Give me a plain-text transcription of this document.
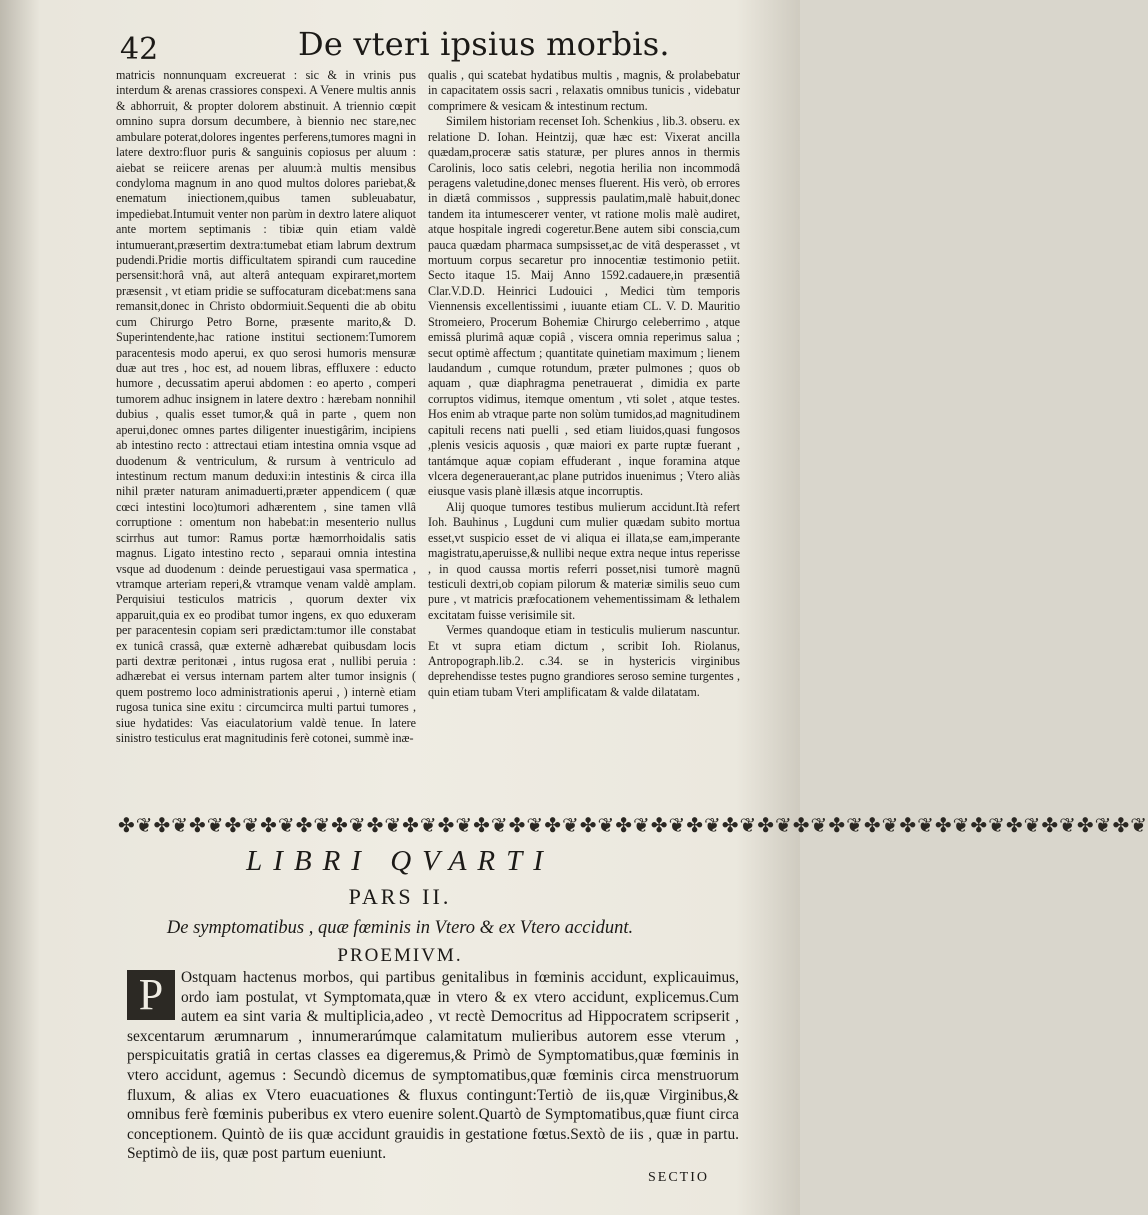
42	De vteri ipsius morbis.

matricis nonnunquam excreuerat : sic & in vrinis pus interdum & arenas crassiores conspexi. A Venere multis annis & abhorruit, & propter dolorem abstinuit. A triennio cœpit omnino supra dorsum decumbere, à biennio nec stare,nec ambulare poterat,dolores ingentes perferens,tumores magni in latere dextro:fluor puris & sanguinis copiosus per aluum : aiebat se reiicere arenas per aluum:à multis mensibus condyloma magnum in ano quod multos dolores pariebat,& enematum iniectionem,quibus tamen subleuabatur, impediebat.Intumuit venter non parùm in dextro latere aliquot ante mortem septimanis : tibiæ quin etiam valdè intumuerant,præsertim dextra:tumebat etiam labrum dextrum pudendi.Pridie mortis difficultatem spirandi cum raucedine persensit:horâ vnâ, aut alterâ antequam expiraret,mortem præsensit , vt etiam pridie se suffocaturam dicebat:mens sana remansit,donec in Christo obdormiuit.Sequenti die ab obitu cum Chirurgo Petro Borne, præsente marito,& D. Superintendente,hac ratione institui sectionem:Tumorem paracentesis modo aperui, ex quo serosi humoris mensuræ duæ aut tres , hoc est, ad nouem libras, effluxere : educto humore , decussatim aperui abdomen : eo aperto , comperi tumorem adhuc insignem in latere dextro : hærebam nonnihil dubius , qualis esset tumor,& quâ in parte , quem non aperui,donec omnes partes diligenter inuestigârim, incipiens ab intestino recto : attrectaui etiam intestina omnia vsque ad duodenum & ventriculum, & rursum à ventriculo ad intestinum rectum manum deduxi:in intestinis & circa illa nihil præter naturam animaduerti,præter appendicem ( quæ cœci intestini loco)tumori adhærentem , sine tamen vllâ corruptione : omentum non habebat:in mesenterio nullus scirrhus aut tumor: Ramus portæ hæmorrhoidalis satis magnus. Ligato intestino recto , separaui omnia intestina vsque ad duodenum : deinde peruestigaui vasa spermatica , vtramque arteriam reperi,& vtramque venam valdè amplam. Perquisiui testiculos matricis , quorum dexter vix apparuit,quia ex eo prodibat tumor ingens, ex quo eduxeram per paracentesin copiam seri prædictam:tumor ille constabat ex tunicâ crassâ, quæ externè adhærebat quibusdam locis parti dextræ peritonæi , intus rugosa erat , nullibi peruia : adhærebat ei versus internam partem alter tumor insignis ( quem postremo loco administrationis aperui , ) internè etiam rugosa tunica sine exitu : circumcirca multi partui tumores , siue hydatides: Vas eiaculatorium valdè tenue. In latere sinistro testiculus erat magnitudinis ferè cotonei, summè inæ-

qualis , qui scatebat hydatibus multis , magnis, & prolabebatur in capacitatem ossis sacri , relaxatis omnibus tunicis , videbatur comprimere & vesicam & intestinum rectum.

Similem historiam recenset Ioh. Schenkius , lib.3. obseru. ex relatione D. Iohan. Heintzij, quæ hæc est: Vixerat ancilla quædam,proceræ satis staturæ, per plures annos in thermis Carolinis, loco satis celebri, negotia herilia non incommodâ peragens valetudine,donec menses fluerent. His verò, ob errores in diætâ commissos , suppressis paulatim,malè habuit,donec tandem ita intumescerет venter, vt ratione molis malè audiret, atque hospitale ingredi cogeretur.Bene autem sibi conscia,cum pauca quædam pharmaca sumpsisset,ac de vitâ desperasset , vt mortuum corpus secaretur pro innocentiæ testimonio petiit. Secto itaque 15. Maij Anno 1592.cadauere,in præsentiâ Clar.V.D.D. Heinrici Ludouici , Medici tùm temporis Viennensis excellentissimi , iuuante etiam CL. V. D. Mauritio Stromeiero, Procerum Bohemiæ Chirurgo celeberrimo , atque emissâ plurimâ aquæ copiâ , viscera omnia reperimus salua ; secut optimè affectum ; quantitate quinetiam maximum ; lienem laudandum , cumque rotundum, præter pulmones ; quos ob aquam , quæ diaphragma penetrauerat , dimidia ex parte corruptos vidimus, itemque omentum , vti solet , atque testes. Hos enim ab vtraque parte non solùm tumidos,ad magnitudinem capituli recens nati puelli , sed etiam liuidos,quasi fungosos ,plenis vesicis aquosis , quæ maiori ex parte ruptæ fuerant , tantámque aquæ copiam effuderant , inque foramina atque vlcera degenerauerant,ac plane putridos inuenimus ; Vtero aliàs eiusque vasis planè illæsis atque incorruptis.

Alij quoque tumores testibus mulierum accidunt.Ità refert Ioh. Bauhinus , Lugduni cum mulier quædam subito mortua esset,vt suspicio esset de vi aliqua ei illata,se eam,imperante magistratu,aperuisse,& nullibi neque extra neque intus reperisse , in quod caussa mortis referri posset,nisi tumorè magnū testiculi dextri,ob copiam pilorum & materiæ similis seuo cum pure , vt matricis præfocationem vehementissimam & lethalem excitatam fuisse verisimile sit.

Vermes quandoque etiam in testiculis mulierum nascuntur. Et vt supra etiam dictum , scribit Ioh. Riolanus, Antropograph.lib.2. c.34. se in hystericis virginibus deprehendisse testes pugno grandiores seroso semine turgentes , quin etiam tubam Vteri amplificatam & valde dilatatam.

✤❦✤❦✤❦✤❦✤❦✤❦✤❦✤❦✤❦✤❦✤❦✤❦✤❦✤❦✤❦✤❦✤❦✤❦✤❦✤❦✤❦✤❦✤❦✤❦✤❦✤❦✤❦✤❦✤❦
LIBRI QVARTI
PARS II.
De symptomatibus , quæ fœminis in Vtero & ex Vtero accidunt.
PROEMIVM.
P	Ostquam hactenus morbos, qui partibus genitalibus in fœminis accidunt, explicauimus, ordo iam postulat, vt Symptomata,quæ in vtero & ex vtero accidunt, explicemus.Cum autem ea sint varia & multiplicia,adeo , vt rectè Democritus ad Hippocratem scripserit , sexcentarum ærumnarum , innumerarúmque calamitatum mulieribus autorem esse vterum , perspicuitatis gratiâ in certas classes ea digeremus,& Primò de Symptomatibus,quæ fœminis in vtero accidunt, agemus : Secundò dicemus de symptomatibus,quæ fœminis circa menstruorum fluxum, & alias ex Vtero euacuationes & fluxus contingunt:Tertiò de iis,quæ Virginibus,& omnibus ferè fœminis puberibus ex vtero euenire solent.Quartò de Symptomatibus,quæ fiunt circa conceptionem. Quintò de iis quæ accidunt grauidis in gestatione fœtus.Sextò de iis , quæ in partu. Septimò de iis, quæ post partum eueniunt.
SECTIO
